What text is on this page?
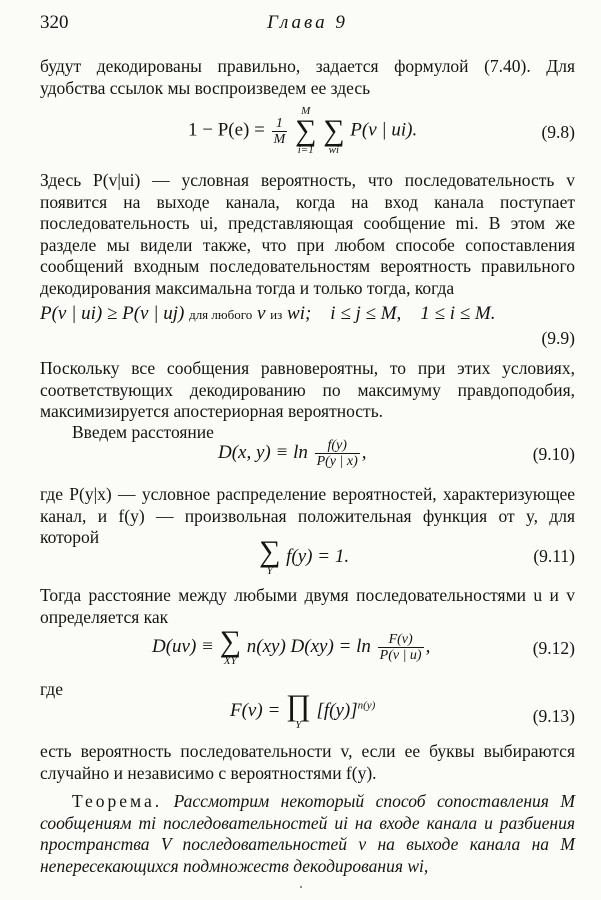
320	Глава 9

будут декодированы правильно, задается формулой (7.40). Для удобства ссылок мы воспроизведем ее здесь

$1 - P(e) = \frac{1}{M}$

M
∑
i=1

∑
wi
P(v | ui).	(9.8)

Здесь P(v|ui) — условная вероятность, что последовательность v появится на выходе канала, когда на вход канала поступает последовательность ui, представляющая сообщение mi. В этом же разделе мы видели также, что при любом способе сопоставления сообщений входным последовательностям вероятность правильного декодирования максимальна тогда и только тогда, когда

P(v | ui) ≥ P(v | uj) для любого v из wi; i ≤ j ≤ M, 1 ≤ i ≤ M.
(9.9)

Поскольку все сообщения равновероятны, то при этих условиях, соответствующих декодированию по максимуму правдоподобия, максимизируется апостериорная вероятность.

Введем расстояние

D(x, $y) \equiv \ln \frac{f(y)}{P(y | x)}$ ,	(9.10)

где P(y|x) — условное распределение вероятностей, характеризующее канал, и f(y) — произвольная положительная функция от y, для которой	∑
Y
f(y) = 1.	(9.11)

Тогда расстояние между любыми двумя последовательностями u и v определяется как

D(uv) ≡ ∑
XY
n(xy) $D(xy) = \ln \frac{F(v)}{P(v | u)}$ ,	(9.12)

где

F(v) = ∏
Y
$[f(y)]^{n(y)}$
(9.13)

есть вероятность последовательности v, если ее буквы выбираются случайно и независимо с вероятностями f(y).

Теорема. Рассмотрим некоторый способ сопоставления M сообщениям mi последовательностей ui на входе канала и разбиения пространства V последовательностей v на выходе канала на M непересекающихся подмножеств декодирования wi,
